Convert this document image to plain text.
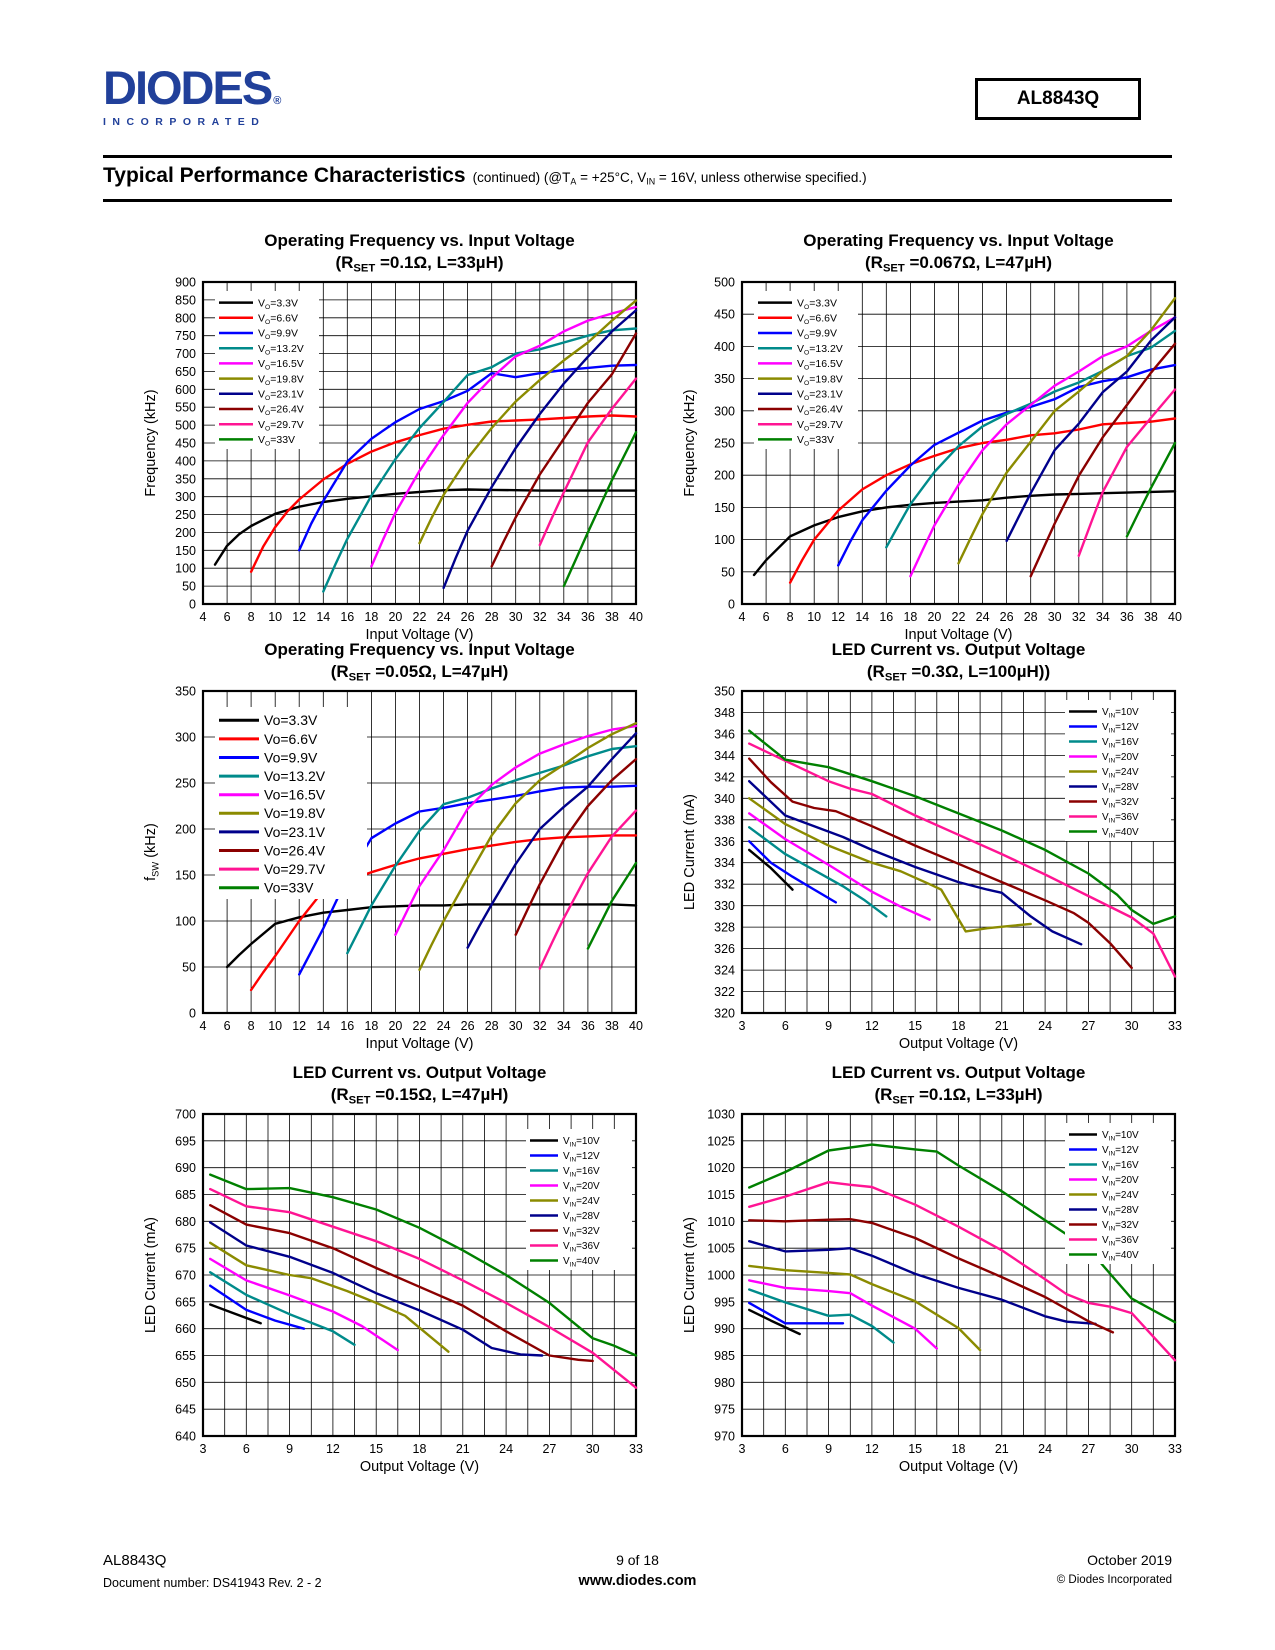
DIODES ®
INCORPORATED
AL8843Q
Typical Performance Characteristics (continued) ($@T_A = +25^\circ C$, $V_{IN} = 16V$, unless otherwise specified.)
Operating Frequency vs. Input Voltage
($R_{SET} =0.1\Omega$, L=33µH)
4 6 8 10 12 14 16 18 20 22 24 26 28 30 32 34 36 38 40
0
50
100
150
200
250
300
350
400
450
500
550
600
650
700
750
800
850
900
Input Voltage (V)
Frequency (kHz)
$V_O=3.3V$
$V_O=6.6V$
$V_O=9.9V$
$V_O=13.2V$
$V_O=16.5V$
$V_O=19.8V$
$V_O=23.1V$
$V_O=26.4V$
$V_O=29.7V$
$V_O=33V$
Operating Frequency vs. Input Voltage
($R_{SET} =0.067\Omega$, L=47µH)
4 6 8 10 12 14 16 18 20 22 24 26 28 30 32 34 36 38 40
0
50
100
150
200
250
300
350
400
450
500
Input Voltage (V)
Frequency (kHz)
$V_O=3.3V$
$V_O=6.6V$
$V_O=9.9V$
$V_O=13.2V$
$V_O=16.5V$
$V_O=19.8V$
$V_O=23.1V$
$V_O=26.4V$
$V_O=29.7V$
$V_O=33V$
Operating Frequency vs. Input Voltage
($R_{SET} =0.05\Omega$, L=47µH)
4 6 8 10 12 14 16 18 20 22 24 26 28 30 32 34 36 38 40
0
50
100
150
200
250
300
350
Input Voltage (V)
$f_{SW}$ (kHz)
Vo=3.3V
Vo=6.6V
Vo=9.9V
Vo=13.2V
Vo=16.5V
Vo=19.8V
Vo=23.1V
Vo=26.4V
Vo=29.7V
Vo=33V
LED Current vs. Output Voltage
($R_{SET} =0.3\Omega$, L=100µH))
3	6	9	12 15 18 21 24 27 30 33
320
322
324
326
328
330
332
334
336
338
340
342
344
346
348
350
Output Voltage (V)
LED Current (mA)
$V_{IN}=10V$
$V_{IN}=12V$
$V_{IN}=16V$
$V_{IN}=20V$
$V_{IN}=24V$
$V_{IN}=28V$
$V_{IN}=32V$
$V_{IN}=36V$
$V_{IN}=40V$
LED Current vs. Output Voltage
($R_{SET} =0.15\Omega$, L=47µH)
3	6	9	12 15 18 21 24 27 30 33
640
645
650
655
660
665
670
675
680
685
690
695
700
Output Voltage (V)
LED Current (mA)
$V_{IN}=10V$
$V_{IN}=12V$
$V_{IN}=16V$
$V_{IN}=20V$
$V_{IN}=24V$
$V_{IN}=28V$
$V_{IN}=32V$
$V_{IN}=36V$
$V_{IN}=40V$
LED Current vs. Output Voltage
($R_{SET} =0.1\Omega$, L=33µH)
3	6	9	12 15 18 21 24 27 30 33
970
975
980
985
990
995
1000
1005
1010
1015
1020
1025
1030
Output Voltage (V)
LED Current (mA)
$V_{IN}=10V$
$V_{IN}=12V$
$V_{IN}=16V$
$V_{IN}=20V$
$V_{IN}=24V$
$V_{IN}=28V$
$V_{IN}=32V$
$V_{IN}=36V$
$V_{IN}=40V$
AL8843Q
Document number: DS41943 Rev. 2 - 2
9 of 18
www.diodes.com
October 2019
© Diodes Incorporated
